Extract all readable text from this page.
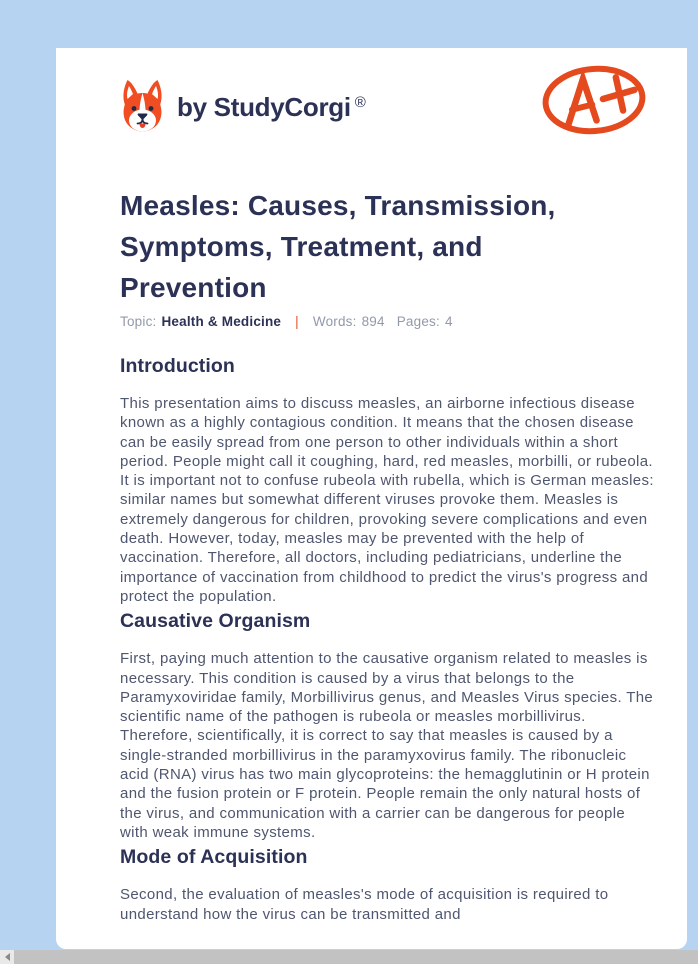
by StudyCorgi ®
Measles: Causes, Transmission, Symptoms, Treatment, and Prevention
Topic: Health & Medicine | Words: 894 Pages: 4
Introduction

This presentation aims to discuss measles, an airborne infectious disease known as a highly contagious condition. It means that the chosen disease can be easily spread from one person to other individuals within a short period. People might call it coughing, hard, red measles, morbilli, or rubeola. It is important not to confuse rubeola with rubella, which is German measles: similar names but somewhat different viruses provoke them. Measles is extremely dangerous for children, provoking severe complications and even death. However, today, measles may be prevented with the help of vaccination. Therefore, all doctors, including pediatricians, underline the importance of vaccination from childhood to predict the virus's progress and protect the population.

Causative Organism

First, paying much attention to the causative organism related to measles is necessary. This condition is caused by a virus that belongs to the Paramyxoviridae family, Morbillivirus genus, and Measles Virus species. The scientific name of the pathogen is rubeola or measles morbillivirus. Therefore, scientifically, it is correct to say that measles is caused by a single-stranded morbillivirus in the paramyxovirus family. The ribonucleic acid (RNA) virus has two main glycoproteins: the hemagglutinin or H protein and the fusion protein or F protein. People remain the only natural hosts of the virus, and communication with a carrier can be dangerous for people with weak immune systems.

Mode of Acquisition

Second, the evaluation of measles's mode of acquisition is required to understand how the virus can be transmitted and
